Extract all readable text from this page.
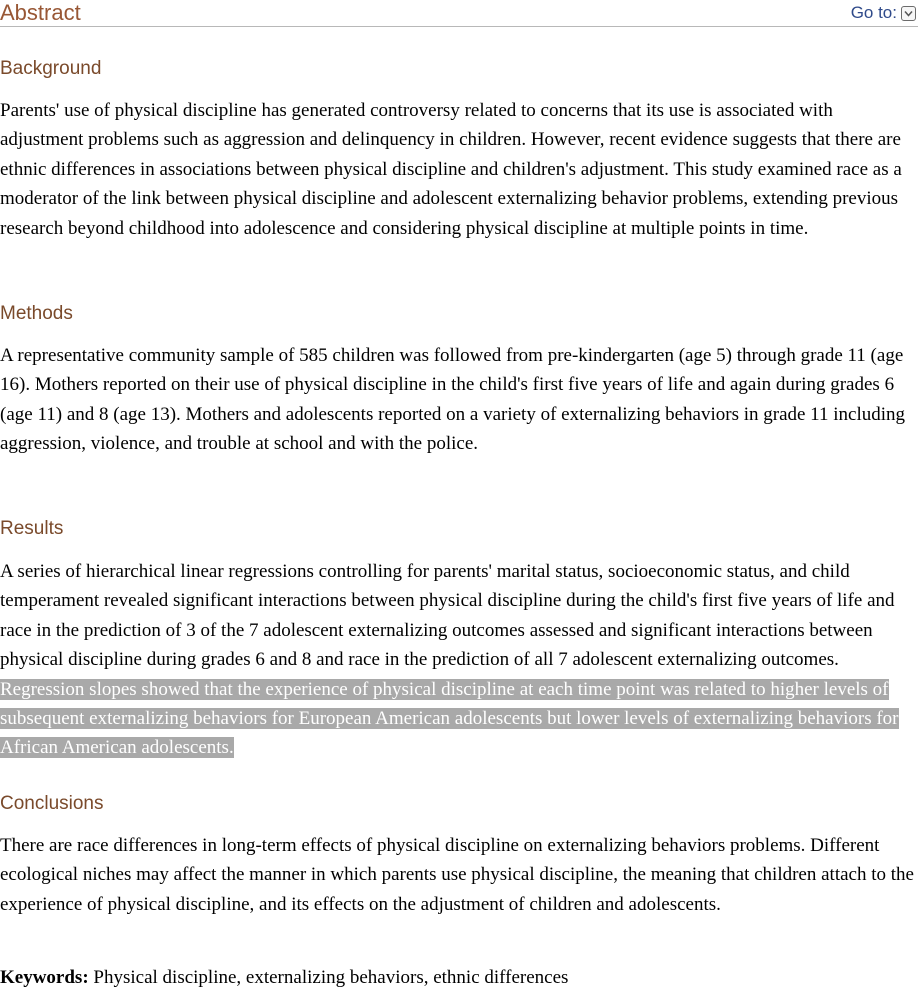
Abstract	Go to:
Background

Parents' use of physical discipline has generated controversy related to concerns that its use is associated with adjustment problems such as aggression and delinquency in children. However, recent evidence suggests that there are ethnic differences in associations between physical discipline and children's adjustment. This study examined race as a moderator of the link between physical discipline and adolescent externalizing behavior problems, extending previous research beyond childhood into adolescence and considering physical discipline at multiple points in time.

Methods

A representative community sample of 585 children was followed from pre-kindergarten (age 5) through grade 11 (age 16). Mothers reported on their use of physical discipline in the child's first five years of life and again during grades 6 (age 11) and 8 (age 13). Mothers and adolescents reported on a variety of externalizing behaviors in grade 11 including aggression, violence, and trouble at school and with the police.

Results

A series of hierarchical linear regressions controlling for parents' marital status, socioeconomic status, and child temperament revealed significant interactions between physical discipline during the child's first five years of life and race in the prediction of 3 of the 7 adolescent externalizing outcomes assessed and significant interactions between physical discipline during grades 6 and 8 and race in the prediction of all 7 adolescent externalizing outcomes. Regression slopes showed that the experience of physical discipline at each time point was related to higher levels of subsequent externalizing behaviors for European American adolescents but lower levels of externalizing behaviors for African American adolescents.

Conclusions

There are race differences in long-term effects of physical discipline on externalizing behaviors problems. Different ecological niches may affect the manner in which parents use physical discipline, the meaning that children attach to the experience of physical discipline, and its effects on the adjustment of children and adolescents.

Keywords: Physical discipline, externalizing behaviors, ethnic differences
